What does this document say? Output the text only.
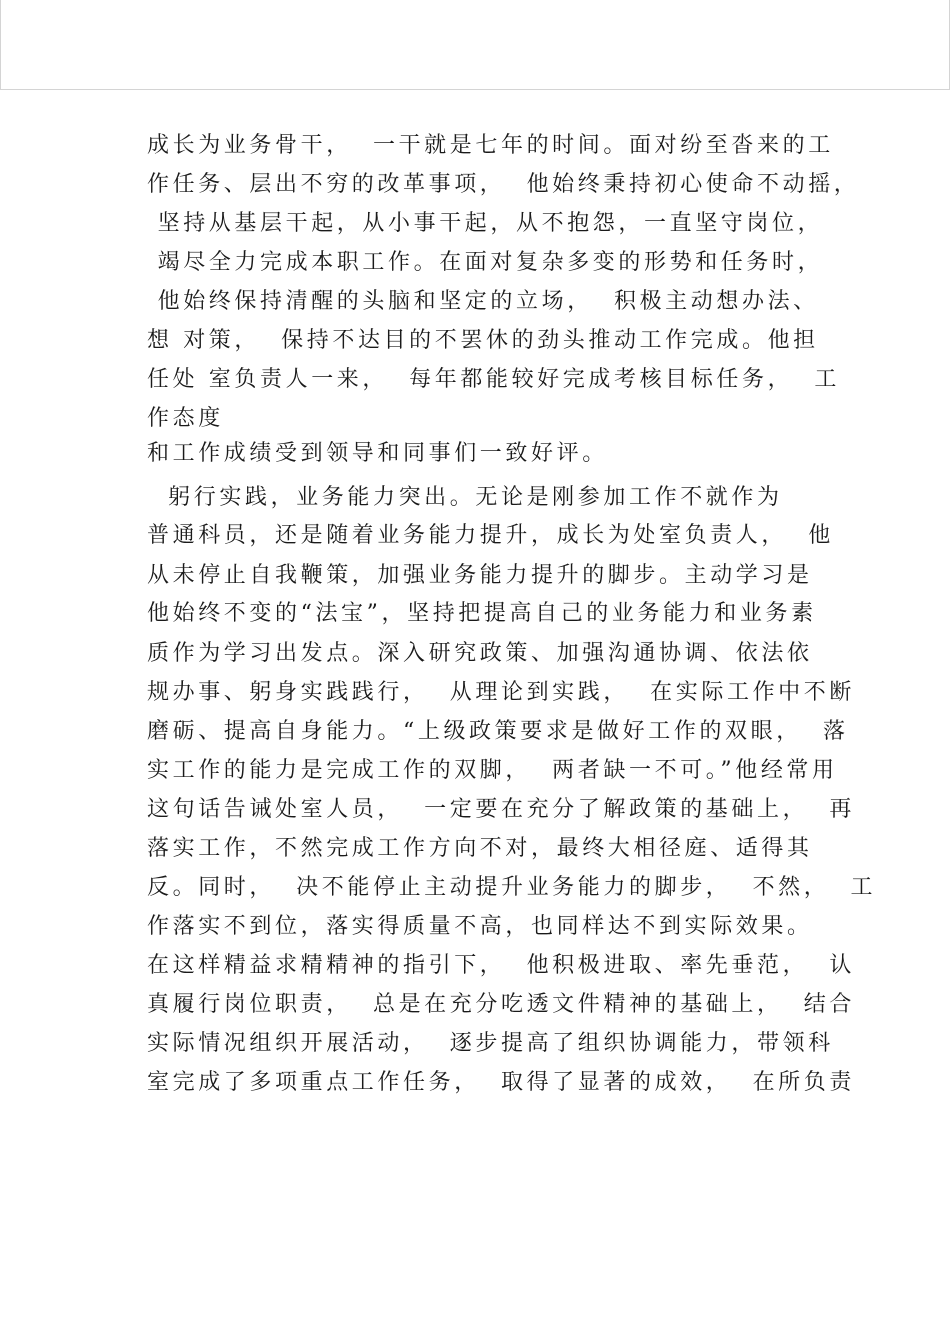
成长为业务骨干，  一干就是七年的时间。面对纷至沓来的工
作任务、层出不穷的改革事项，  他始终秉持初心使命不动摇，
坚持从基层干起，从小事干起，从不抱怨，一直坚守岗位，
竭尽全力完成本职工作。在面对复杂多变的形势和任务时，
他始终保持清醒的头脑和坚定的立场，  积极主动想办法、
想 对策，  保持不达目的不罢休的劲头推动工作完成。他担
任处 室负责人一来，  每年都能较好完成考核目标任务，  工
作态度
和工作成绩受到领导和同事们一致好评。
躬行实践，业务能力突出。无论是刚参加工作不就作为
普通科员，还是随着业务能力提升，成长为处室负责人，  他
从未停止自我鞭策，加强业务能力提升的脚步。主动学习是
他始终不变的“法宝”，坚持把提高自己的业务能力和业务素
质作为学习出发点。深入研究政策、加强沟通协调、依法依
规办事、躬身实践践行，  从理论到实践，  在实际工作中不断
磨砺、提高自身能力。“上级政策要求是做好工作的双眼，  落
实工作的能力是完成工作的双脚，  两者缺一不可。”他经常用
这句话告诫处室人员，  一定要在充分了解政策的基础上，  再
落实工作，不然完成工作方向不对，最终大相径庭、适得其
反。同时，  决不能停止主动提升业务能力的脚步，  不然，  工
作落实不到位，落实得质量不高，也同样达不到实际效果。
在这样精益求精精神的指引下，  他积极进取、率先垂范，  认
真履行岗位职责，  总是在充分吃透文件精神的基础上，  结合
实际情况组织开展活动，  逐步提高了组织协调能力，带领科
室完成了多项重点工作任务，  取得了显著的成效，  在所负责
